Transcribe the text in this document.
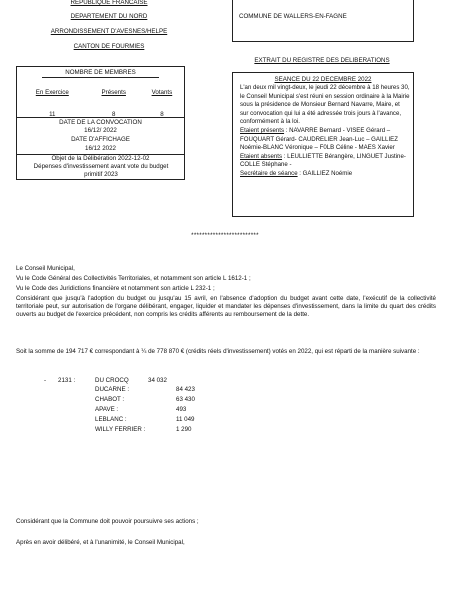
REPUBLIQUE FRANCAISE
DEPARTEMENT DU NORD
ARRONDISSEMENT D'AVESNES/HELPE
CANTON DE FOURMIES
COMMUNE DE WALLERS-EN-FAGNE
NOMBRE DE MEMBRES
En Exercice	Présents	Votants
11	8	8
DATE DE LA CONVOCATION
16/12/ 2022
DATE D'AFFICHAGE
16/12 2022
Objet de la Délibération 2022-12-02
Dépenses d'investissement avant vote du budget primitif 2023
EXTRAIT DU REGISTRE DES DELIBERATIONS
SEANCE DU 22 DECEMBRE 2022
L'an deux mil vingt-deux, le jeudi 22 décembre à 18 heures 30, le Conseil Municipal s'est réuni en session ordinaire à la Mairie sous la présidence de Monsieur Bernard Navarre, Maire, et sur convocation qui lui a été adressée trois jours à l'avance, conformément à la loi.
Etaient présents : NAVARRE Bernard - VISEE Gérard –FOUQUART Gérard- CAUDRELIER Jean-Luc – GAILLIEZ Noémie-BLANC Véronique – F0LB Céline - MAES Xavier
Etaient absents : LEULLIETTE Bérangère, LINGUET Justine- COLLE Stéphane -
Secrétaire de séance : GAILLIEZ Noémie
*************************
Le Conseil Municipal,
Vu le Code Général des Collectivités Territoriales, et notamment son article L 1612-1 ;
Vu le Code des Juridictions financière et notamment son article L 232-1 ;
Considérant que jusqu'à l'adoption du budget ou jusqu'au 15 avril, en l'absence d'adoption du budget avant cette date, l'exécutif de la collectivité territoriale peut, sur autorisation de l'organe délibérant, engager, liquider et mandater les dépenses d'investissement, dans la limite du quart des crédits ouverts au budget de l'exercice précédent, non compris les crédits afférents au remboursement de la dette.
Soit la somme de 194 717 € correspondant à ¼ de 778 870 € (crédits réels d'investissement) votés en 2022, qui est réparti de la manière suivante :
- 2131 :	DU CROCQ	34 032
DUCARNE :	84 423
CHABOT :	63 430
APAVE :	493
LEBLANC :	11 049
WILLY FERRIER :	1 290
Considérant que la Commune doit pouvoir poursuivre ses actions ;
Après en avoir délibéré, et à l'unanimité, le Conseil Municipal,
